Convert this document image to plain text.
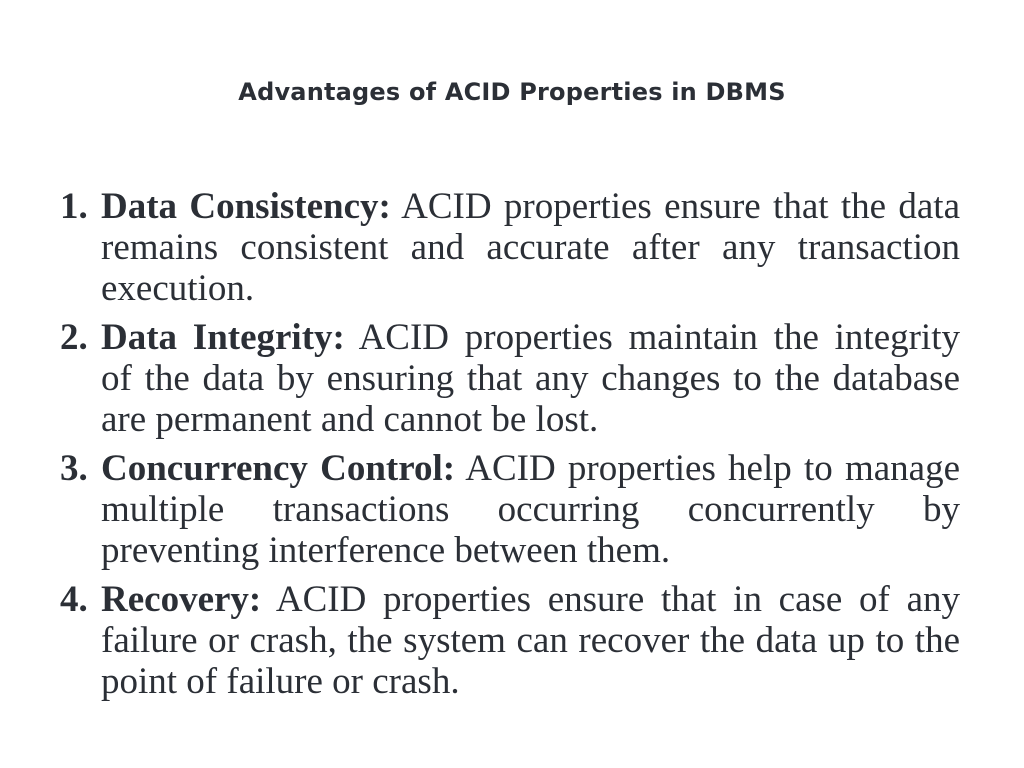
Advantages of ACID Properties in DBMS
1. Data Consistency: ACID properties ensure that the data remains consistent and accurate after any transaction execution.
2. Data Integrity: ACID properties maintain the integrity of the data by ensuring that any changes to the database are permanent and cannot be lost.
3. Concurrency Control: ACID properties help to manage multiple transactions occurring concurrently by preventing interference between them.
4. Recovery: ACID properties ensure that in case of any failure or crash, the system can recover the data up to the point of failure or crash.
